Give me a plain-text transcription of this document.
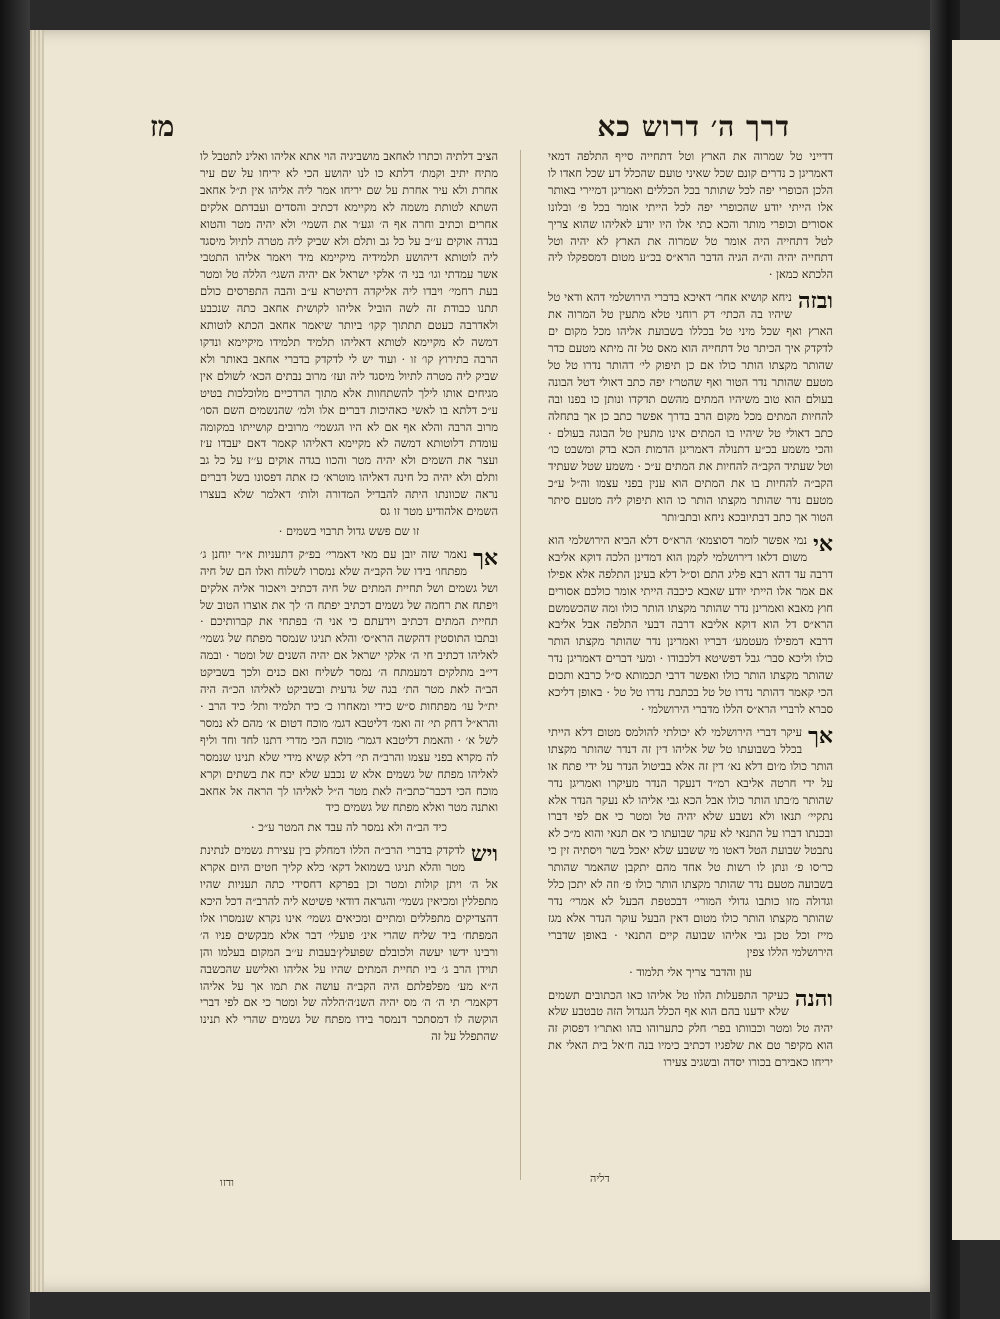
דרך ה׳ דרוש כא
מז

דדייני טל שמרוה את הארץ וטל דתחייה סייף התלפה דמאי דאמריגן כ נדרים קונם שכל שאיני טועם שהכלל דע שכל חאדו לו הלכן הכופרי יפה לכל שתותר בכל הכללים ואמריגן דמיירי באותר אלו הייתי יודע שהכופרי יפה לכל הייתי אומר בכל פ׳ ובלונו אסורים וכופרי מותר והכא כתי אלו היו יודע לאליהו שהוא צריך לטל דתחייה היה אומר טל שמרוה את הארץ לא יהיה וטל דתחייה יהיה וה״ה הגיה הדבר הרא״ס בכ״ע מטום דמספקלו ליה הלכתא כמאן ·

ובזה
ניחא קושיא אחר׳ דאיכא בדברי הירושלמי דהא ודאי טל שיהיו בה הכתי׳ דק רוחני טלא מתעין טל המרוה את הארץ ואף שכל מיני טל בכללו בשבועת אליהו מכל מקום ים לדקדק איך הכיתר טל דתחייה הוא מאס טל זה מיתא מטעם כדר שהותר מקצתו הותר כולו אם כן תיפוק לי׳ דהותר נדרו טל טל מטעם שהותר נדר הטור ואף שהטר׳ז יפה כתב דאולי דטל הבונה בעולם הוא טוב משיהיו המתים מהשם תדקדו ונותן כו בפנו ובה להחיות המתים מכל מקום הרב בדרך אפשר כתב כן אך בתחלה כתב דאולי טל שיהיו בו המתים אינו מתעין טל הבוגה בעולם · והכי משמע בכ״ע דתנולה דאמריגן הדמות הכא בדק ומשבט כו׳ וטל שעתיד הקב״ה להחיות את המתים ע״כ · משמע שטל שעתיד הקב״ה להחיות בו את המתים הוא ענין בפני עצמו וה״ל ע״כ מטעם נדר שהותר מקצתו הותר כו הוא תיפוק ליה מטעם סיתר הטור אך כתב דבתיובכא ניחא ובתב׳ותר

אי
נמי אפשר לומר דסוצמא׳ הרא״ס דלא הביא הירושלמי הוא משום דלאו דירושלמי לקמן הוא דמדינן הלכה דוקא אליבא דרבה עד דהא רבא פליג התם וס״ל דלא בעינן התלפה אלא אפילו אם אמר אלו הייתי יודע שאבא כיכבה הייתי אומר כולכם אסורים חוץ מאבא ואמרינן נדר שהותר מקצתו הותר כולו ומה שהכשמשם הרא״ס דל הוא דוקא אליבא דרבה דבעי התלפה אבל אליבא דרבא דמפילו מעטמע׳ דבריו ואמרינן נדר שהותר מקצתו הותר כולו וליכא סבר׳ גבל דפשיטא דלכבודו · ומעי דברים דאמריגן נדר שהותר מקצתו הותר כולו ואפשר דרבי תכמותא ס״ל כרבא ותכום הכי קאמר דהותר נדרו טל טל בכתבת נדרו טל טל · באופן דליכא סברא לרברי הרא״ס הללו מדברי הירושלמי ·

אך
עיקר דברי הירושלמי לא יכולתי להולמס מטום דלא הייתי בכלל בשבועתו טל של אליהו דין זה דנדר שהותר מקצתו הותר כולו מ׳ום דלא נא׳ דין זה אלא בביטול הנדר על ידי פתח או על ידי חרטה אליבא רמ״ד דנעקר הנדר מעיקרו ואמריגן נדר שהותר מ׳בתו הותר כולו אבל הכא גבי אליהו לא נעקר הנדר אלא נתקיי׳ תנאו ולא נשבע שלא יהיה טל ומטר כי אם לפי דברו ובכנתו דברו על התנאי לא עקר שבועתו כי אם תנאי והוא מ״כ לא נתבטל שבועת הטל דאטו מי ששבע שלא יאכל בשר ויסתיה זין כי כר׳סו פ׳ ונתן לו רשות טל אחד מהם יתקבן שהאמר שהותר בשבועה מטעם נדר שהותר מקצתו הותר כולו פ׳ וזה לא יתכן כלל וגדולה מזו כותבו גדולי המורי׳ דבכטפת הבעל לא אמרי׳ נדר שהותר מקצתו הותר כולו מטום דאין הבעל עוקר הנדר אלא מגז מייז וכל טכן גבי אליהו שבועה קיים התנאי · באופן שדברי הירושלמי הללו צפין

עון והדבר צריך אלי תלמוד ·

והנה
כעיקר התפעלות הלוו טל אליהו כאו הכתובים תשמים שלא ידענו בהם הוא אף הכלל הנגדול הזה טבטבע שלא יהיה טל ומטר וכבוותו בפר׳ חלק כתערוהו בהו ואתר׳ו דפסוק זה הוא מקיפר טם את שלפגיו דכתיב כימיו בנה ח׳אל בית האלי את יריחו כאבירם בכורו יסדה ובשגיב צעירו

הציב דלתיה וכתרו לאחאב מושביגיה הוי אתא אליהו ואלינ לתטבל לו מתיח יתיב וקמת׳ דלתא כו לנו יהושע הכי לא יריחו על שם עיר אחרת ולא עיר אחרת על שם יריחו אמר ליה אליהו אין ת״ל אחאב השתא לטותת משמה לא מקיימא דכתיב והסדים ועבדתם אלקים אחרים וכתיב וחרה אף ה׳ וגע׳ר את השמי׳ ולא יהיה מטר והטוא בגדה אוקים ע׳׳ב על כל גב ותלם ולא שביק ליה מטרה לתיול מיסגד ליה לוטותא דיהושע תלמידיה מיקיימא מיד ויאמר אליהו התטבי אשר עמדתי וגו׳ בני ה׳ אלקי ישראל אם יהיה השגי׳ הללה טל ומטר בעת רחמי׳ ויבדו ליה אליקדה דתיטרא ע״ב והבה התפרסים כולם תתנו כבודת זה לשה הוביל אליהו לקושית אחאב כתה שנכבע ולאדרבה כעטם תתתוך קקו׳ ביותר שיאמר אחאב הכתא לוטותא דמשה לא מקיימא לטותא דאליהו תלמיד תלמידו מיקיימא ונדקו הרבה בתירוץ קו׳ זו · ועוד יש לי לדקדק בדברי אחאב באותר ולא שביק ליה מטרה לתיול מיסגד ליה ועז׳ מרוב נבתים הכא׳ לשולם אין מגיחים אותו לילך להשתחוות אלא מתוך הרדכיים מלוכלכות בטיט ע״כ דלתא בו לאשי כאהיכות דברים אלו ולמ׳ שהנשמים השם הסו׳ מרוב הרבה והלא אף אם לא היו הגשמי׳ מרובים קושייתו במקומה עומדת דלוטותא דמשה לא מקיימא דאליהו קאמר דאם יעבדו ע׳ז ועצר את השמים ולא יהיה מטר והכוו בגדה אוקים ע׳׳ז על כל גב ותלם ולא יהיה כל חינה דאליהו מוטרא׳ כז אתה דפסונו בשל דברים נראה שכוונתו היתה להבדיל המדורה ולות׳ דאלמר שלא בעצרו השמים אלהודיע מטר זו גס

זו שם פשש גדול תרבוי בשמים ·

אך
נאמר שזה יובן עם מאי דאמרי׳ בפ״ק דתעניות א״ר יוחנן ג׳ מפתחו׳ בידו של הקב״ה שלא נמסרו לשלוח ואלו הם של חיה ושל גשמים ושל תחיית המתים של חיה דכתיב ויאכור אליה אלקים ויפתח את רחמה של גשמים דכתיב יפתח ה׳ לך את אוצרו הטוב של תחיית המתים דכתיב וידעתם כי אני ה׳ בפתחי את קברותיכם · ובתבו התוסטין דהקשה הרא״ס׳ והלא תניגו שנמסר מפתח של גשמי׳ לאליהו דכתיב חי ה׳ אלקי ישראל אם יהיה השנים של ומטר · ובמה די״ב מתלקים דמעמתח ה׳ נמסר לשליח ואם כנים ולכך בשביקט הב״ה לאת מטר הת׳ בגה של גדעית ובשביקט לאליהו הכ״ה היה ית״ל עו׳ מפתחות ס״ש כידי ומאחרו כ׳ כיד תלמיד ותל׳ כיד הרב · והרא״ל דחק תי׳ זה ואמ׳ דליטבא דגמ׳ מוכח דטום א׳ מהם לא נמסר לשל א׳ · והאמת דליטבא דגמר׳ מוכח הכי מדרי דתנו לחד וחד וליף לה מקרא בפני עצמו והרב״ה תי׳ דלא קשיא מידי שלא תנינו שנמסר לאליהו מפתח של גשמים אלא ש נכבע שלא יכח את בשתים וקרא מוכח הכי דכבר־כתב״ה לאת מטר ה״ל לאליהו לך הראה אל אחאב ואתנה מטר ואלא מפתח של גשמים כיד

כיד הב״ה ולא נמסר לה עבד את המטר ע״כ ·

ויש
לדקדק בדברי הרב״ה הללו דמחלק בין עצירת גשמים לנתינת מטר והלא תניגו בשמואל דקא׳ כלא קליך חטים היום אקרא אל ה׳ ויתן קולות ומטר וכן בפרקא דחסידי כתה תעניות שהיו מתפללין ומכיאין גשמי׳ והגראה דודאי פשיטא ליה להרב״ה דכל היכא דהצדיקים מתפללים ומתיים ומכיאים גשמי׳ אינו נקרא שנמסרו אלו המפתח׳ ביד שליח שהרי אינ׳ פועלי׳ דבר אלא מבקשים פניו ה׳ ורבינו ידשו יעשה ולכובלם שפועלץ׳בעבות ע׳׳ב המקום בעלמו והן תוידן הרב ג׳ ביו תחיית המתים שהיו על אליהו ואלישע שהכשבה ה״א מע׳ מפלפלתם היה הקב״ה עושה את תמו אך על אליהו דקאמר׳ תי ה׳ ה׳ מס יהיה השנ׳ה׳הללה של ומטר כי אם לפי דברי הוקשה לו דמסתכר דנמסר בידו מפתח של גשמים שהרי לא תנינו שהתפלל על זה

ודזו	דליה
